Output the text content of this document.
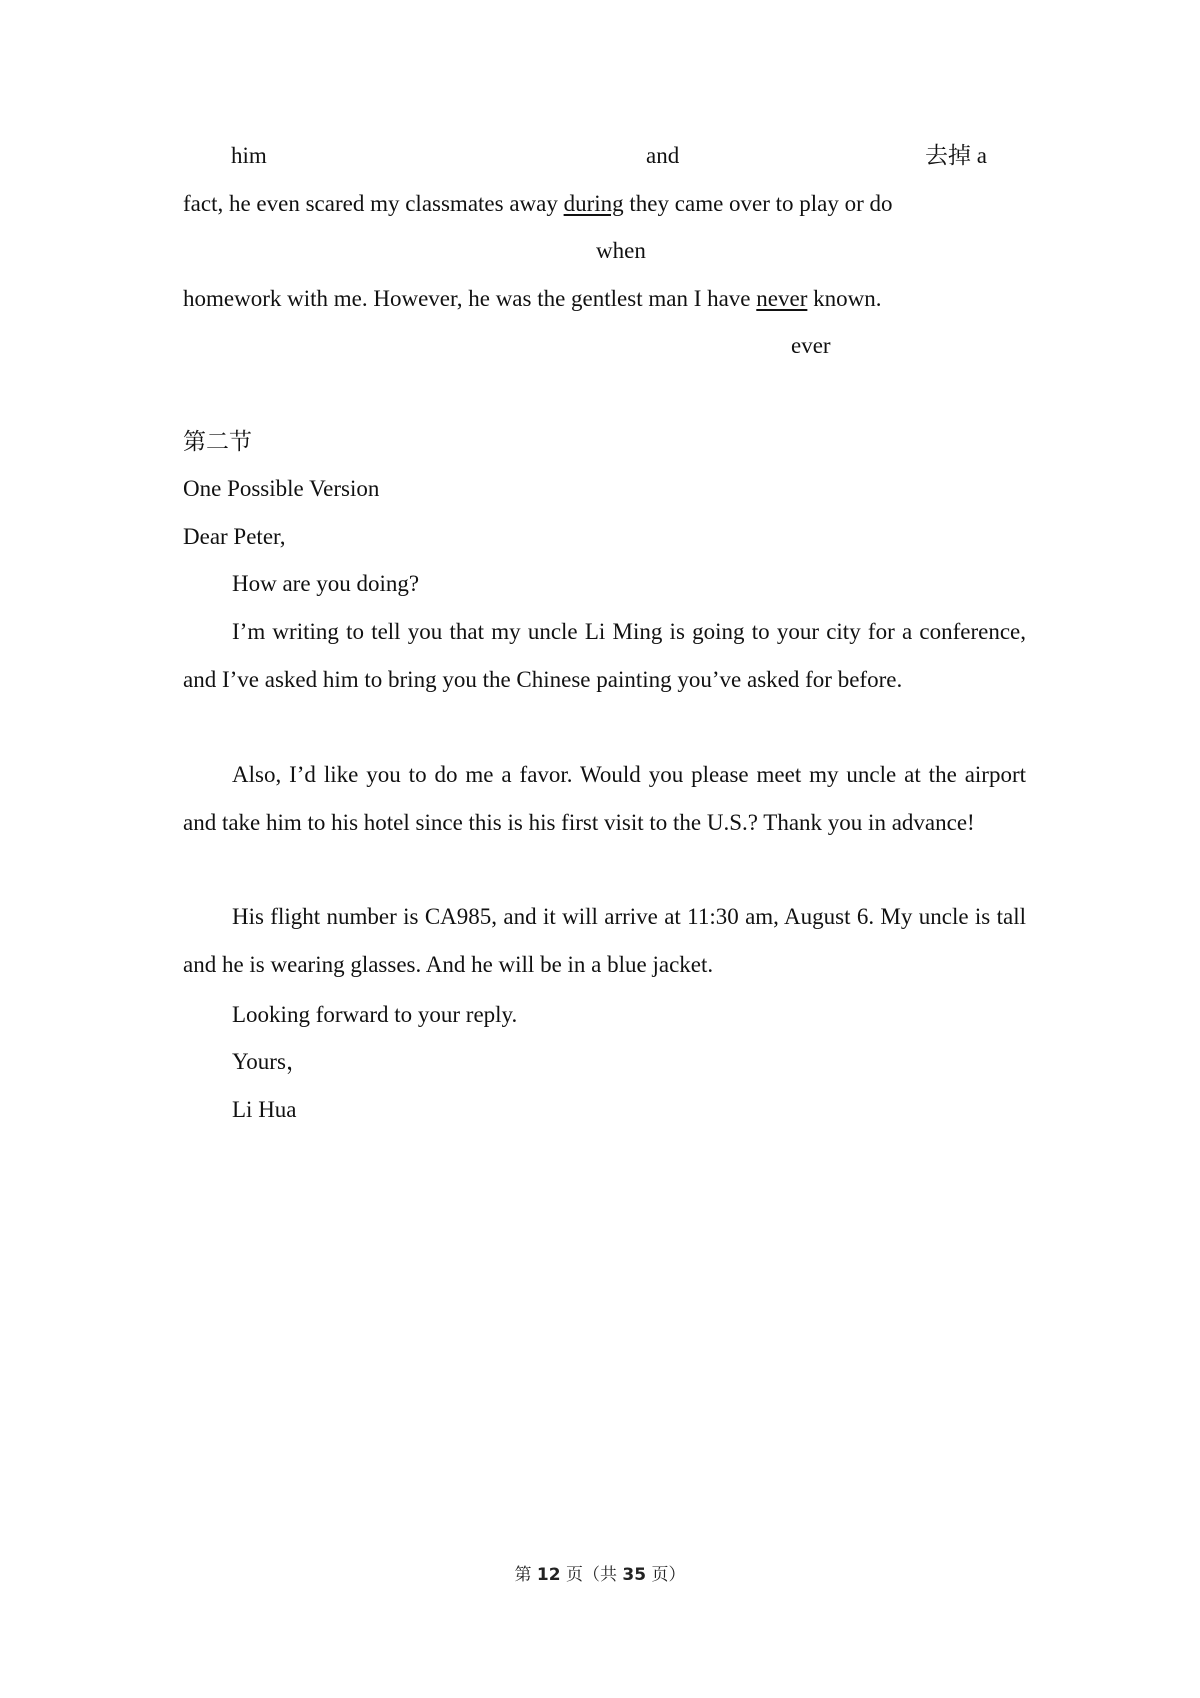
him	and	去掉 a
fact, he even scared my classmates away during they came over to play or do
when
homework with me. However, he was the gentlest man I have never known.
ever
第二节
One Possible Version
Dear Peter,
How are you doing?

I’m writing to tell you that my uncle Li Ming is going to your city for a conference, and I’ve asked him to bring you the Chinese painting you’ve asked for before.

Also, I’d like you to do me a favor. Would you please meet my uncle at the airport and take him to his hotel since this is his first visit to the U.S.? Thank you in advance!

His flight number is CA985, and it will arrive at 11:30 am, August 6. My uncle is tall and he is wearing glasses. And he will be in a blue jacket.

Looking forward to your reply.
Yours，
Li Hua
第 12 页（共 35 页）
